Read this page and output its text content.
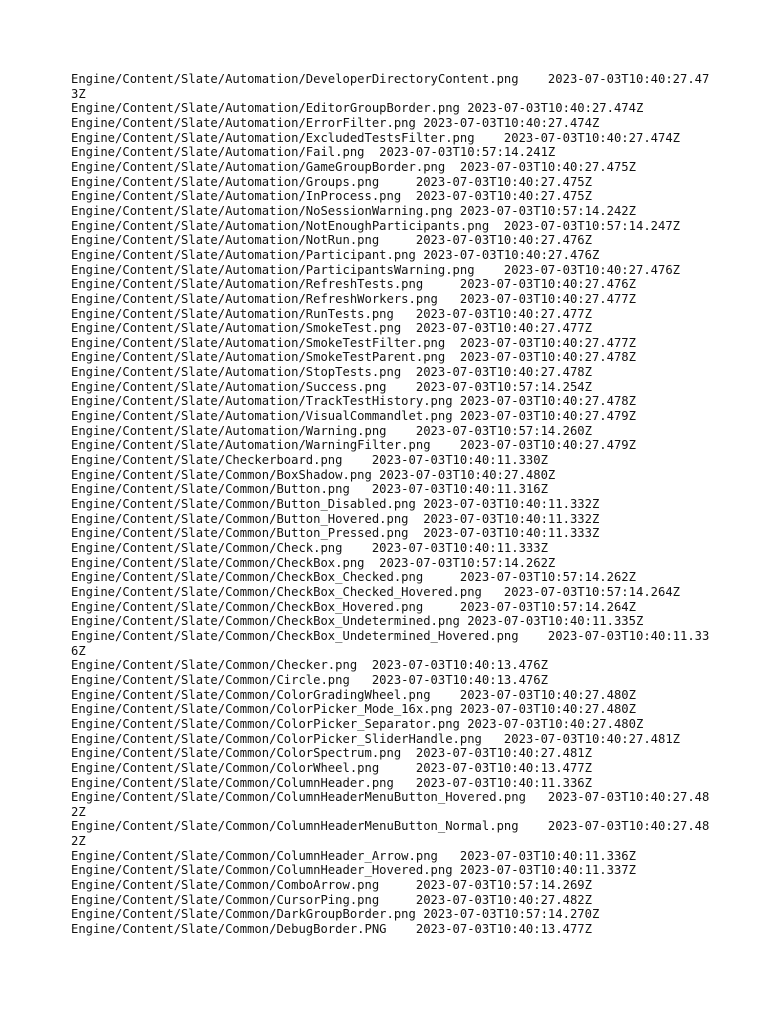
Engine/Content/Slate/Automation/DeveloperDirectoryContent.png    2023-07-03T10:40:27.473Z
Engine/Content/Slate/Automation/EditorGroupBorder.png 2023-07-03T10:40:27.474Z
Engine/Content/Slate/Automation/ErrorFilter.png 2023-07-03T10:40:27.474Z
Engine/Content/Slate/Automation/ExcludedTestsFilter.png    2023-07-03T10:40:27.474Z
Engine/Content/Slate/Automation/Fail.png  2023-07-03T10:57:14.241Z
Engine/Content/Slate/Automation/GameGroupBorder.png  2023-07-03T10:40:27.475Z
Engine/Content/Slate/Automation/Groups.png     2023-07-03T10:40:27.475Z
Engine/Content/Slate/Automation/InProcess.png  2023-07-03T10:40:27.475Z
Engine/Content/Slate/Automation/NoSessionWarning.png 2023-07-03T10:57:14.242Z
Engine/Content/Slate/Automation/NotEnoughParticipants.png  2023-07-03T10:57:14.247Z
Engine/Content/Slate/Automation/NotRun.png     2023-07-03T10:40:27.476Z
Engine/Content/Slate/Automation/Participant.png 2023-07-03T10:40:27.476Z
Engine/Content/Slate/Automation/ParticipantsWarning.png    2023-07-03T10:40:27.476Z
Engine/Content/Slate/Automation/RefreshTests.png     2023-07-03T10:40:27.476Z
Engine/Content/Slate/Automation/RefreshWorkers.png   2023-07-03T10:40:27.477Z
Engine/Content/Slate/Automation/RunTests.png   2023-07-03T10:40:27.477Z
Engine/Content/Slate/Automation/SmokeTest.png  2023-07-03T10:40:27.477Z
Engine/Content/Slate/Automation/SmokeTestFilter.png  2023-07-03T10:40:27.477Z
Engine/Content/Slate/Automation/SmokeTestParent.png  2023-07-03T10:40:27.478Z
Engine/Content/Slate/Automation/StopTests.png  2023-07-03T10:40:27.478Z
Engine/Content/Slate/Automation/Success.png    2023-07-03T10:57:14.254Z
Engine/Content/Slate/Automation/TrackTestHistory.png 2023-07-03T10:40:27.478Z
Engine/Content/Slate/Automation/VisualCommandlet.png 2023-07-03T10:40:27.479Z
Engine/Content/Slate/Automation/Warning.png    2023-07-03T10:57:14.260Z
Engine/Content/Slate/Automation/WarningFilter.png    2023-07-03T10:40:27.479Z
Engine/Content/Slate/Checkerboard.png    2023-07-03T10:40:11.330Z
Engine/Content/Slate/Common/BoxShadow.png 2023-07-03T10:40:27.480Z
Engine/Content/Slate/Common/Button.png   2023-07-03T10:40:11.316Z
Engine/Content/Slate/Common/Button_Disabled.png 2023-07-03T10:40:11.332Z
Engine/Content/Slate/Common/Button_Hovered.png  2023-07-03T10:40:11.332Z
Engine/Content/Slate/Common/Button_Pressed.png  2023-07-03T10:40:11.333Z
Engine/Content/Slate/Common/Check.png    2023-07-03T10:40:11.333Z
Engine/Content/Slate/Common/CheckBox.png  2023-07-03T10:57:14.262Z
Engine/Content/Slate/Common/CheckBox_Checked.png     2023-07-03T10:57:14.262Z
Engine/Content/Slate/Common/CheckBox_Checked_Hovered.png   2023-07-03T10:57:14.264Z
Engine/Content/Slate/Common/CheckBox_Hovered.png     2023-07-03T10:57:14.264Z
Engine/Content/Slate/Common/CheckBox_Undetermined.png 2023-07-03T10:40:11.335Z
Engine/Content/Slate/Common/CheckBox_Undetermined_Hovered.png    2023-07-03T10:40:11.336Z
Engine/Content/Slate/Common/Checker.png  2023-07-03T10:40:13.476Z
Engine/Content/Slate/Common/Circle.png   2023-07-03T10:40:13.476Z
Engine/Content/Slate/Common/ColorGradingWheel.png    2023-07-03T10:40:27.480Z
Engine/Content/Slate/Common/ColorPicker_Mode_16x.png 2023-07-03T10:40:27.480Z
Engine/Content/Slate/Common/ColorPicker_Separator.png 2023-07-03T10:40:27.480Z
Engine/Content/Slate/Common/ColorPicker_SliderHandle.png   2023-07-03T10:40:27.481Z
Engine/Content/Slate/Common/ColorSpectrum.png  2023-07-03T10:40:27.481Z
Engine/Content/Slate/Common/ColorWheel.png     2023-07-03T10:40:13.477Z
Engine/Content/Slate/Common/ColumnHeader.png   2023-07-03T10:40:11.336Z
Engine/Content/Slate/Common/ColumnHeaderMenuButton_Hovered.png   2023-07-03T10:40:27.482Z
Engine/Content/Slate/Common/ColumnHeaderMenuButton_Normal.png    2023-07-03T10:40:27.482Z
Engine/Content/Slate/Common/ColumnHeader_Arrow.png   2023-07-03T10:40:11.336Z
Engine/Content/Slate/Common/ColumnHeader_Hovered.png 2023-07-03T10:40:11.337Z
Engine/Content/Slate/Common/ComboArrow.png     2023-07-03T10:57:14.269Z
Engine/Content/Slate/Common/CursorPing.png     2023-07-03T10:40:27.482Z
Engine/Content/Slate/Common/DarkGroupBorder.png 2023-07-03T10:57:14.270Z
Engine/Content/Slate/Common/DebugBorder.PNG    2023-07-03T10:40:13.477Z
